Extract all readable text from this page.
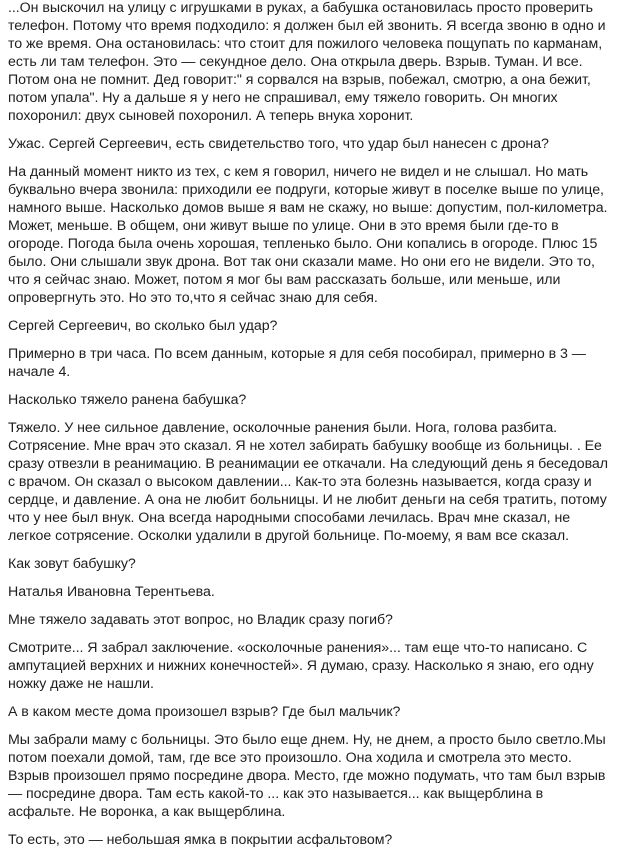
...Он выскочил на улицу с игрушками в руках, а бабушка остановилась просто проверить телефон. Потому что время подходило: я должен был ей звонить. Я всегда звоню в одно и то же время. Она остановилась: что стоит для пожилого человека пощупать по карманам, есть ли там телефон. Это — секундное дело. Она открыла дверь. Взрыв. Туман. И все. Потом она не помнит. Дед говорит:" я сорвался на взрыв, побежал, смотрю, а она бежит, потом упала". Ну а дальше я у него не спрашивал, ему тяжело говорить. Он многих похоронил: двух сыновей похоронил. А теперь внука хоронит.

Ужас. Сергей Сергеевич, есть свидетельство того, что удар был нанесен с дрона?

На данный момент никто из тех, с кем я говорил, ничего не видел и не слышал. Но мать буквально вчера звонила: приходили ее подруги, которые живут в поселке выше по улице, намного выше. Насколько домов выше я вам не скажу, но выше: допустим, пол-километра. Может, меньше. В общем, они живут выше по улице. Они в это время были где-то в огороде. Погода была очень хорошая, тепленько было. Они копались в огороде. Плюс 15 было. Они слышали звук дрона. Вот так они сказали маме. Но они его не видели. Это то, что я сейчас знаю. Может, потом я мог бы вам рассказать больше, или меньше, или опровергнуть это. Но это то,что я сейчас знаю для себя.

Сергей Сергеевич, во сколько был удар?

Примерно в три часа. По всем данным, которые я для себя пособирал, примерно в 3 — начале 4.

Насколько тяжело ранена бабушка?

Тяжело. У нее сильное давление, осколочные ранения были. Нога, голова разбита. Сотрясение. Мне врач это сказал. Я не хотел забирать бабушку вообще из больницы. . Ее сразу отвезли в реанимацию. В реанимации ее откачали. На следующий день я беседовал с врачом. Он сказал о высоком давлении... Как-то эта болезнь называется, когда сразу и сердце, и давление. А она не любит больницы. И не любит деньги на себя тратить, потому что у нее был внук. Она всегда народными способами лечилась. Врач мне сказал, не легкое сотрясение. Осколки удалили в другой больнице. По-моему, я вам все сказал.

Как зовут бабушку?

Наталья Ивановна Терентьева.

Мне тяжело задавать этот вопрос, но Владик сразу погиб?

Смотрите... Я забрал заключение. «осколочные ранения»... там еще что-то написано. С ампутацией верхних и нижних конечностей». Я думаю, сразу. Насколько я знаю, его одну ножку даже не нашли.

А в каком месте дома произошел взрыв? Где был мальчик?

Мы забрали маму с больницы. Это было еще днем. Ну, не днем, а просто было светло.Мы потом поехали домой, там, где все это произошло. Она ходила и смотрела это место. Взрыв произошел прямо посредине двора. Место, где можно подумать, что там был взрыв — посредине двора. Там есть какой-то ... как это называется... как выщерблина в асфальте. Не воронка, а как выщерблина.

То есть, это — небольшая ямка в покрытии асфальтовом?
